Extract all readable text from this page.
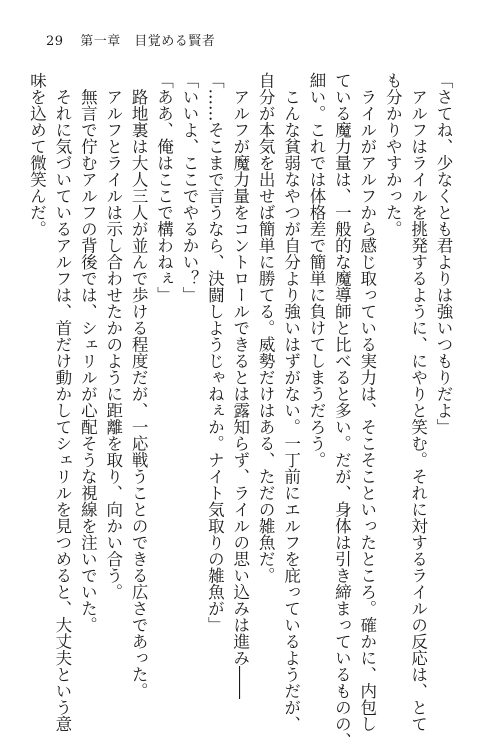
29 第一章　目覚める賢者
「さてね、少なくとも君よりは強いつもりだよ」
　アルフはライルを挑発するように、にやりと笑む。それに対するライルの反応は、とて
も分かりやすかった。
　ライルがアルフから感じ取っている実力は、そこそこといったところ。確かに、内包し
ている魔力量は、一般的な魔導師と比べると多い。だが、身体は引き締まっているものの、
細い。これでは体格差で簡単に負けてしまうだろう。
　こんな貧弱なやつが自分より強いはずがない。一丁前にエルフを庇っているようだが、
自分が本気を出せば簡単に勝てる。威勢だけはある、ただの雑魚だ。
　アルフが魔力量をコントロールできるとは露知らず、ライルの思い込みは進み――
「……そこまで言うなら、決闘しようじゃねぇか。ナイト気取りの雑魚が」
「いいよ、ここでやるかい？」
「ああ、俺はここで構わねぇ」
　路地裏は大人三人が並んで歩ける程度だが、一応戦うことのできる広さであった。
　アルフとライルは示し合わせたかのように距離を取り、向かい合う。
　無言で佇むアルフの背後では、シェリルが心配そうな視線を注いでいた。
　それに気づいているアルフは、首だけ動かしてシェリルを見つめると、大丈夫という意
味を込めて微笑んだ。
